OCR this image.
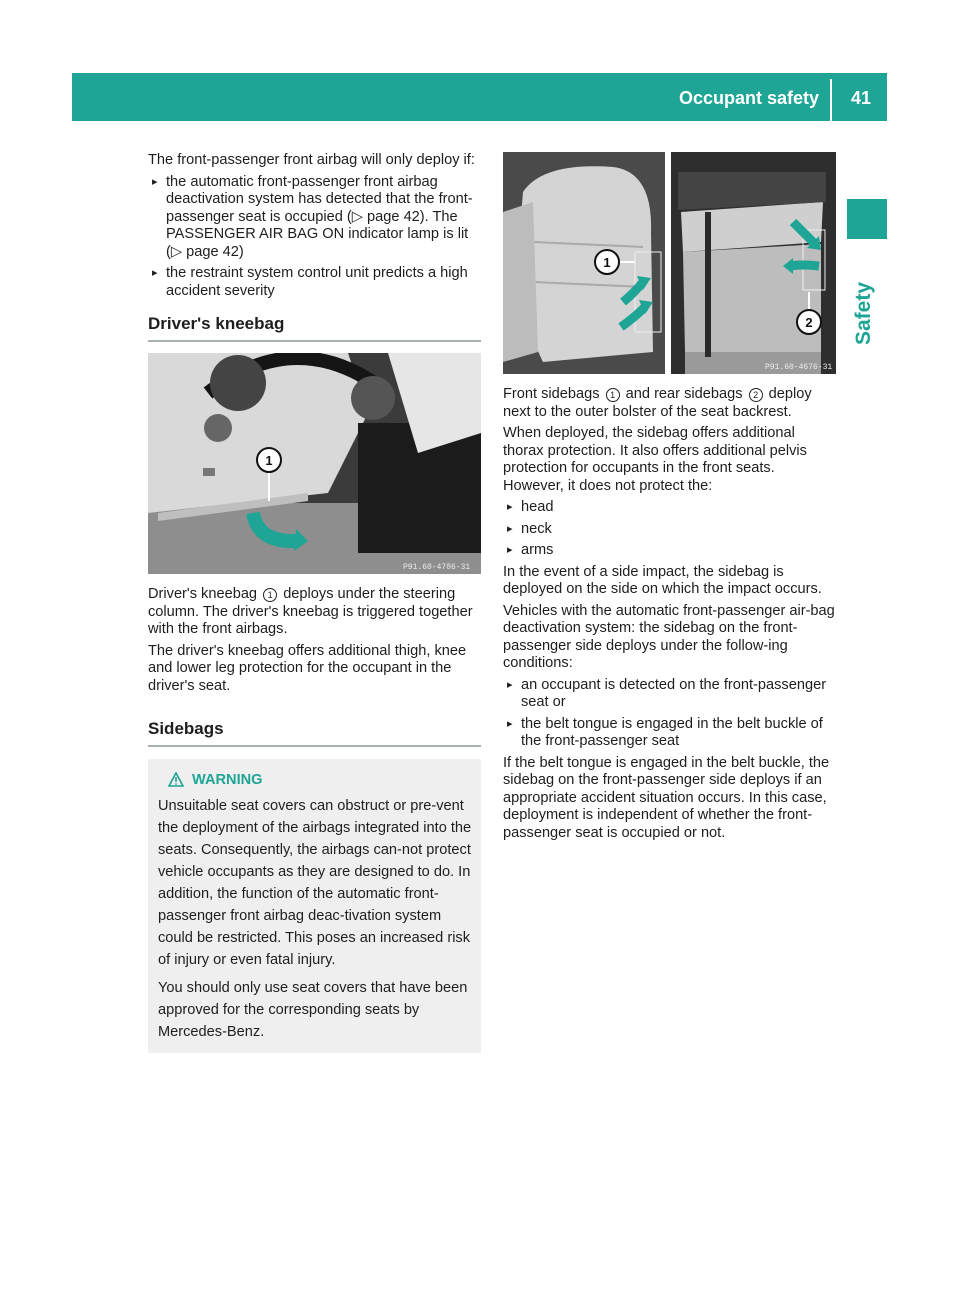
Occupant safety 41
Safety

The front-passenger front airbag will only deploy if:

▸ the automatic front-passenger front airbag deactivation system has detected that the front-passenger seat is occupied (▷ page 42). The PASSENGER AIR BAG ON indicator lamp is lit (▷ page 42)
▸ the restraint system control unit predicts a high accident severity
Driver's kneebag
1
P91.60-4706-31

Driver's kneebag 1 deploys under the steering column. The driver's kneebag is triggered together with the front airbags.

The driver's kneebag offers additional thigh, knee and lower leg protection for the occupant in the driver's seat.

Sidebags
WARNING

Unsuitable seat covers can obstruct or pre-vent the deployment of the airbags integrated into the seats. Consequently, the airbags can-not protect vehicle occupants as they are designed to do. In addition, the function of the automatic front-passenger front airbag deac-tivation system could be restricted. This poses an increased risk of injury or even fatal injury.

You should only use seat covers that have been approved for the corresponding seats by Mercedes-Benz.

1
2
P91.60-4676-31

Front sidebags 1 and rear sidebags 2 deploy next to the outer bolster of the seat backrest.

When deployed, the sidebag offers additional thorax protection. It also offers additional pelvis protection for occupants in the front seats. However, it does not protect the:

▸ head
▸ neck
▸ arms

In the event of a side impact, the sidebag is deployed on the side on which the impact occurs.

Vehicles with the automatic front-passenger air-bag deactivation system: the sidebag on the front-passenger side deploys under the follow-ing conditions:

▸ an occupant is detected on the front-passenger seat or
▸ the belt tongue is engaged in the belt buckle of the front-passenger seat

If the belt tongue is engaged in the belt buckle, the sidebag on the front-passenger side deploys if an appropriate accident situation occurs. In this case, deployment is independent of whether the front-passenger seat is occupied or not.
